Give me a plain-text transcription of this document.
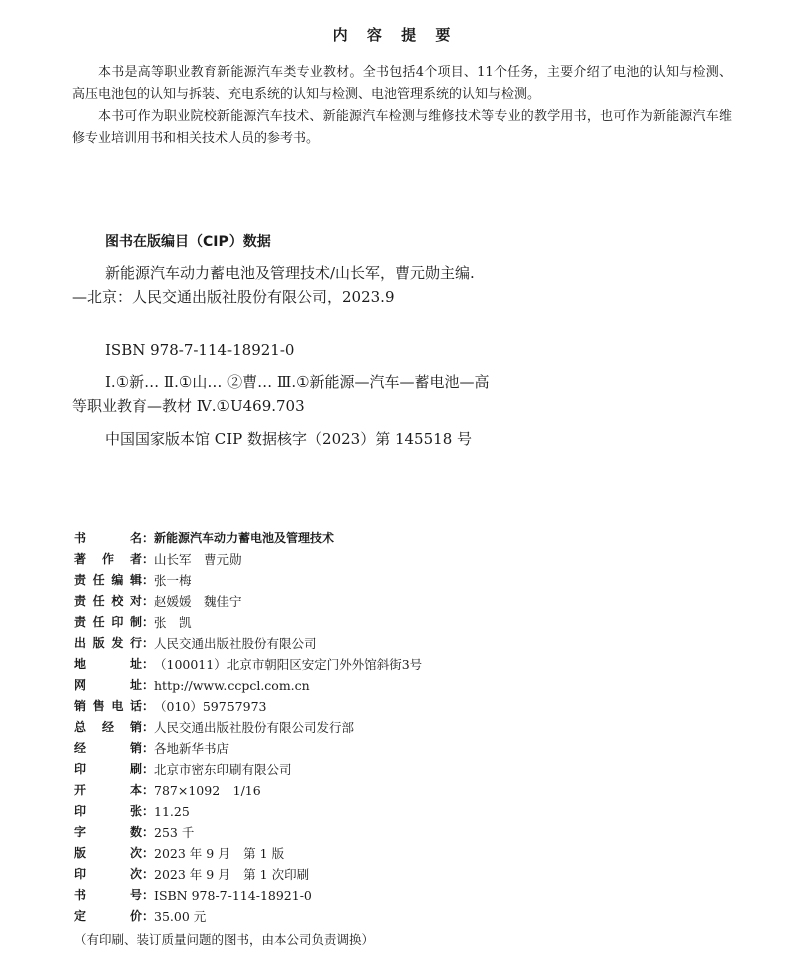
内 容 提 要
本书是高等职业教育新能源汽车类专业教材。全书包括4个项目、11个任务，主要介绍了电池的认知与检测、高压电池包的认知与拆装、充电系统的认知与检测、电池管理系统的认知与检测。
本书可作为职业院校新能源汽车技术、新能源汽车检测与维修技术等专业的教学用书，也可作为新能源汽车维修专业培训用书和相关技术人员的参考书。
图书在版编目（CIP）数据
新能源汽车动力蓄电池及管理技术/山长军，曹元勋主编. —北京：人民交通出版社股份有限公司，2023.9
ISBN 978-7-114-18921-0
Ⅰ.①新… Ⅱ.①山… ②曹… Ⅲ.①新能源—汽车—蓄电池—高等职业教育—教材 Ⅳ.①U469.703
中国国家版本馆 CIP 数据核字（2023）第 145518 号
书	名 ： 新能源汽车动力蓄电池及管理技术
著 作 者 ： 山长军　曹元勋
责 任 编 辑 ： 张一梅
责 任 校 对 ： 赵媛媛　魏佳宁
责 任 印 制 ： 张　凯
出 版 发 行 ： 人民交通出版社股份有限公司
地	址 ： （100011）北京市朝阳区安定门外外馆斜街3号
网	址 ： http://www.ccpcl.com.cn
销 售 电 话 ： （010）59757973
总 经 销 ： 人民交通出版社股份有限公司发行部
经	销 ： 各地新华书店
印	刷 ： 北京市密东印刷有限公司
开	本 ： 787×1092　1/16
印	张 ： 11.25
字	数 ： 253 千
版	次 ： 2023 年 9 月　第 1 版
印	次 ： 2023 年 9 月　第 1 次印刷
书	号 ： ISBN 978-7-114-18921-0
定	价 ： 35.00 元
（有印刷、装订质量问题的图书，由本公司负责调换）
